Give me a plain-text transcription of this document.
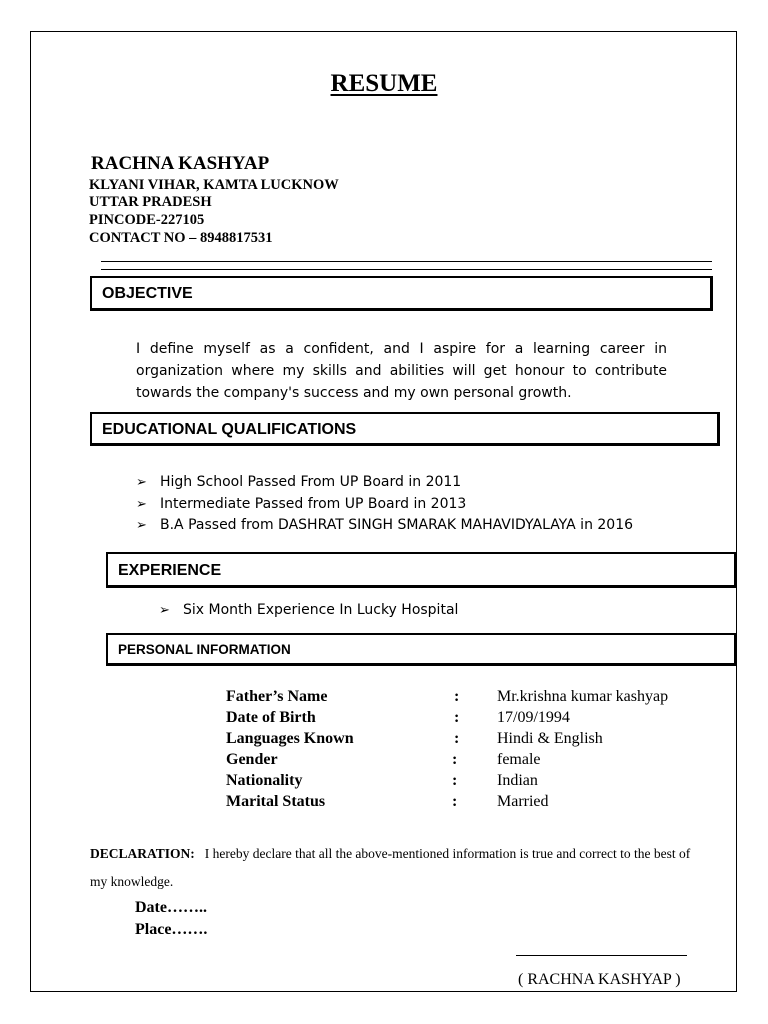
RESUME
RACHNA KASHYAP
KLYANI VIHAR, KAMTA LUCKNOW
UTTAR PRADESH
PINCODE-227105
CONTACT NO – 8948817531
OBJECTIVE
I define myself as a confident, and I aspire for a learning career in organization where my skills and abilities will get honour to contribute towards the company's success and my own personal growth.
EDUCATIONAL QUALIFICATIONS
➢ High School Passed From UP Board in 2011
➢ Intermediate Passed from UP Board in 2013
➢ B.A Passed from DASHRAT SINGH SMARAK MAHAVIDYALAYA in 2016
EXPERIENCE
➢ Six Month Experience In Lucky Hospital
PERSONAL INFORMATION
Father’s Name	: Mr.krishna kumar kashyap
Date of Birth	: 17/09/1994
Languages Known	: Hindi & English
Gender	: female
Nationality	: Indian
Marital Status	: Married
DECLARATION: I hereby declare that all the above-mentioned information is true and correct to the best of my knowledge.
Date……..
Place…….
( RACHNA KASHYAP )
